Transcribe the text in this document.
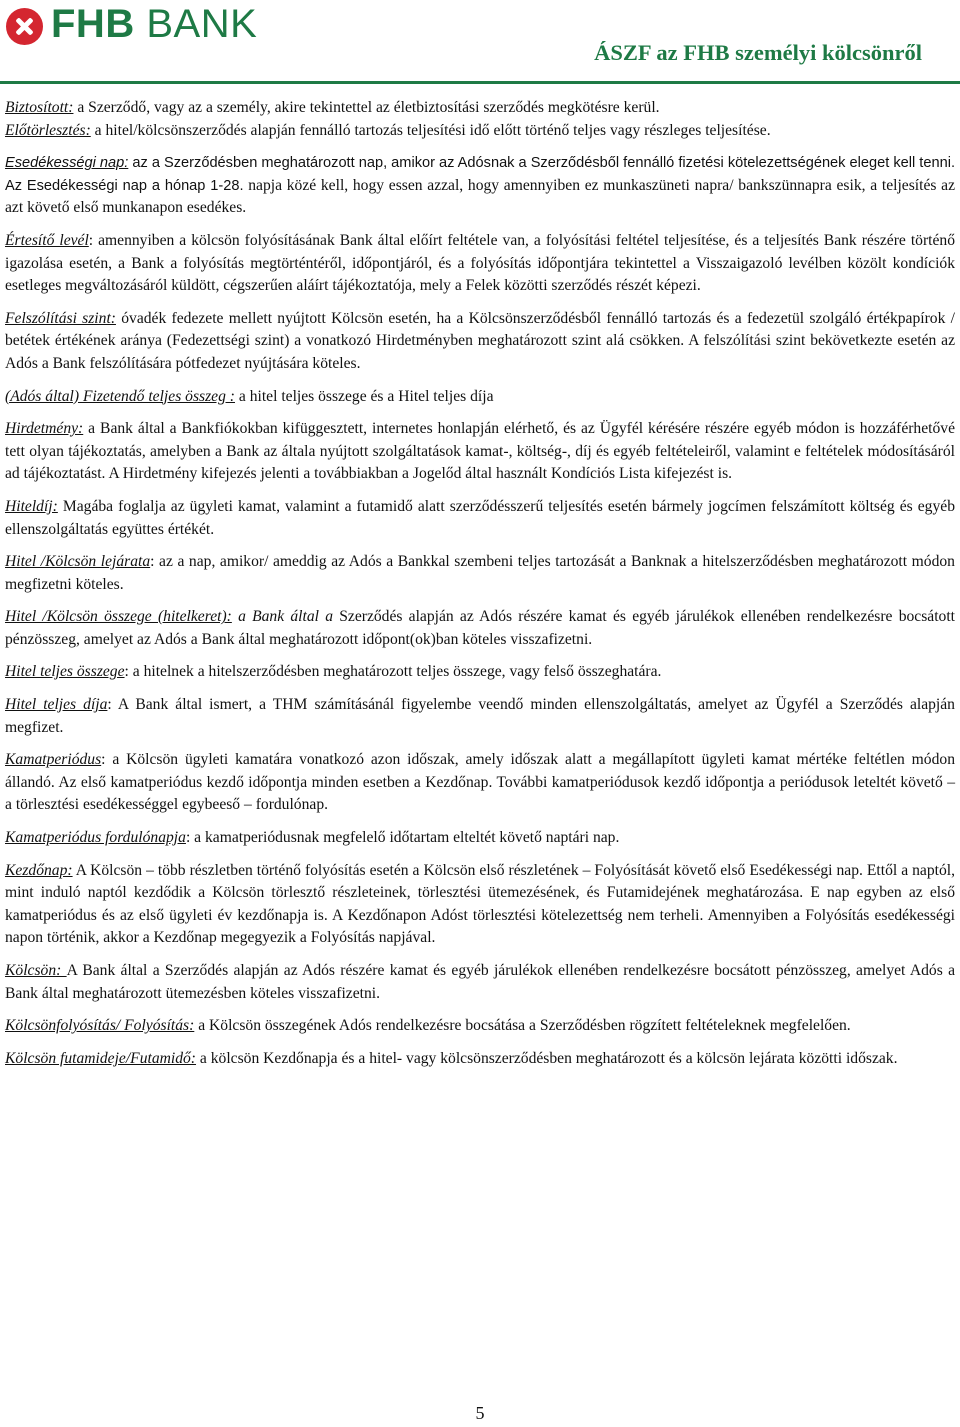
FHB BANK
ÁSZF az FHB személyi kölcsönről

Biztosított: a Szerződő, vagy az a személy, akire tekintettel az életbiztosítási szerződés megkötésre kerül.

Előtörlesztés: a hitel/kölcsönszerződés alapján fennálló tartozás teljesítési idő előtt történő teljes vagy részleges teljesítése.

Esedékességi nap: az a Szerződésben meghatározott nap, amikor az Adósnak a Szerződésből fennálló fizetési kötelezettségének eleget kell tenni. Az Esedékességi nap a hónap 1-28. napja közé kell, hogy essen azzal, hogy amennyiben ez munkaszüneti napra/ bankszünnapra esik, a teljesítés az azt követő első munkanapon esedékes.

Értesítő levél: amennyiben a kölcsön folyósításának Bank által előírt feltétele van, a folyósítási feltétel teljesítése, és a teljesítés Bank részére történő igazolása esetén, a Bank a folyósítás megtörténtéről, időpontjáról, és a folyósítás időpontjára tekintettel a Visszaigazoló levélben közölt kondíciók esetleges megváltozásáról küldött, cégszerűen aláírt tájékoztatója, mely a Felek közötti szerződés részét képezi.

Felszólítási szint: óvadék fedezete mellett nyújtott Kölcsön esetén, ha a Kölcsönszerződésből fennálló tartozás és a fedezetül szolgáló értékpapírok / betétek értékének aránya (Fedezettségi szint) a vonatkozó Hirdetményben meghatározott szint alá csökken. A felszólítási szint bekövetkezte esetén az Adós a Bank felszólítására pótfedezet nyújtására köteles.

(Adós által) Fizetendő teljes összeg : a hitel teljes összege és a Hitel teljes díja

Hirdetmény: a Bank által a Bankfiókokban kifüggesztett, internetes honlapján elérhető, és az Ügyfél kérésére részére egyéb módon is hozzáférhetővé tett olyan tájékoztatás, amelyben a Bank az általa nyújtott szolgáltatások kamat-, költség-, díj és egyéb feltételeiről, valamint e feltételek módosításáról ad tájékoztatást. A Hirdetmény kifejezés jelenti a továbbiakban a Jogelőd által használt Kondíciós Lista kifejezést is.

Hiteldíj: Magába foglalja az ügyleti kamat, valamint a futamidő alatt szerződésszerű teljesítés esetén bármely jogcímen felszámított költség és egyéb ellenszolgáltatás együttes értékét.

Hitel /Kölcsön lejárata: az a nap, amikor/ ameddig az Adós a Bankkal szembeni teljes tartozását a Banknak a hitelszerződésben meghatározott módon megfizetni köteles.

Hitel /Kölcsön összege (hitelkeret): a Bank által a Szerződés alapján az Adós részére kamat és egyéb járulékok ellenében rendelkezésre bocsátott pénzösszeg, amelyet az Adós a Bank által meghatározott időpont(ok)ban köteles visszafizetni.

Hitel teljes összege: a hitelnek a hitelszerződésben meghatározott teljes összege, vagy felső összeghatára.

Hitel teljes díja: A Bank által ismert, a THM számításánál figyelembe veendő minden ellenszolgáltatás, amelyet az Ügyfél a Szerződés alapján megfizet.

Kamatperiódus: a Kölcsön ügyleti kamatára vonatkozó azon időszak, amely időszak alatt a megállapított ügyleti kamat mértéke feltétlen módon állandó. Az első kamatperiódus kezdő időpontja minden esetben a Kezdőnap. További kamatperiódusok kezdő időpontja a periódusok leteltét követő – a törlesztési esedékességgel egybeeső – fordulónap.

Kamatperiódus fordulónapja: a kamatperiódusnak megfelelő időtartam elteltét követő naptári nap.

Kezdőnap: A Kölcsön – több részletben történő folyósítás esetén a Kölcsön első részletének – Folyósítását követő első Esedékességi nap. Ettől a naptól, mint induló naptól kezdődik a Kölcsön törlesztő részleteinek, törlesztési ütemezésének, és Futamidejének meghatározása. E nap egyben az első kamatperiódus és az első ügyleti év kezdőnapja is. A Kezdőnapon Adóst törlesztési kötelezettség nem terheli. Amennyiben a Folyósítás esedékességi napon történik, akkor a Kezdőnap megegyezik a Folyósítás napjával.

Kölcsön: A Bank által a Szerződés alapján az Adós részére kamat és egyéb járulékok ellenében rendelkezésre bocsátott pénzösszeg, amelyet Adós a Bank által meghatározott ütemezésben köteles visszafizetni.

Kölcsönfolyósítás/ Folyósítás: a Kölcsön összegének Adós rendelkezésre bocsátása a Szerződésben rögzített feltételeknek megfelelően.

Kölcsön futamideje/Futamidő: a kölcsön Kezdőnapja és a hitel- vagy kölcsönszerződésben meghatározott és a kölcsön lejárata közötti időszak.

5
